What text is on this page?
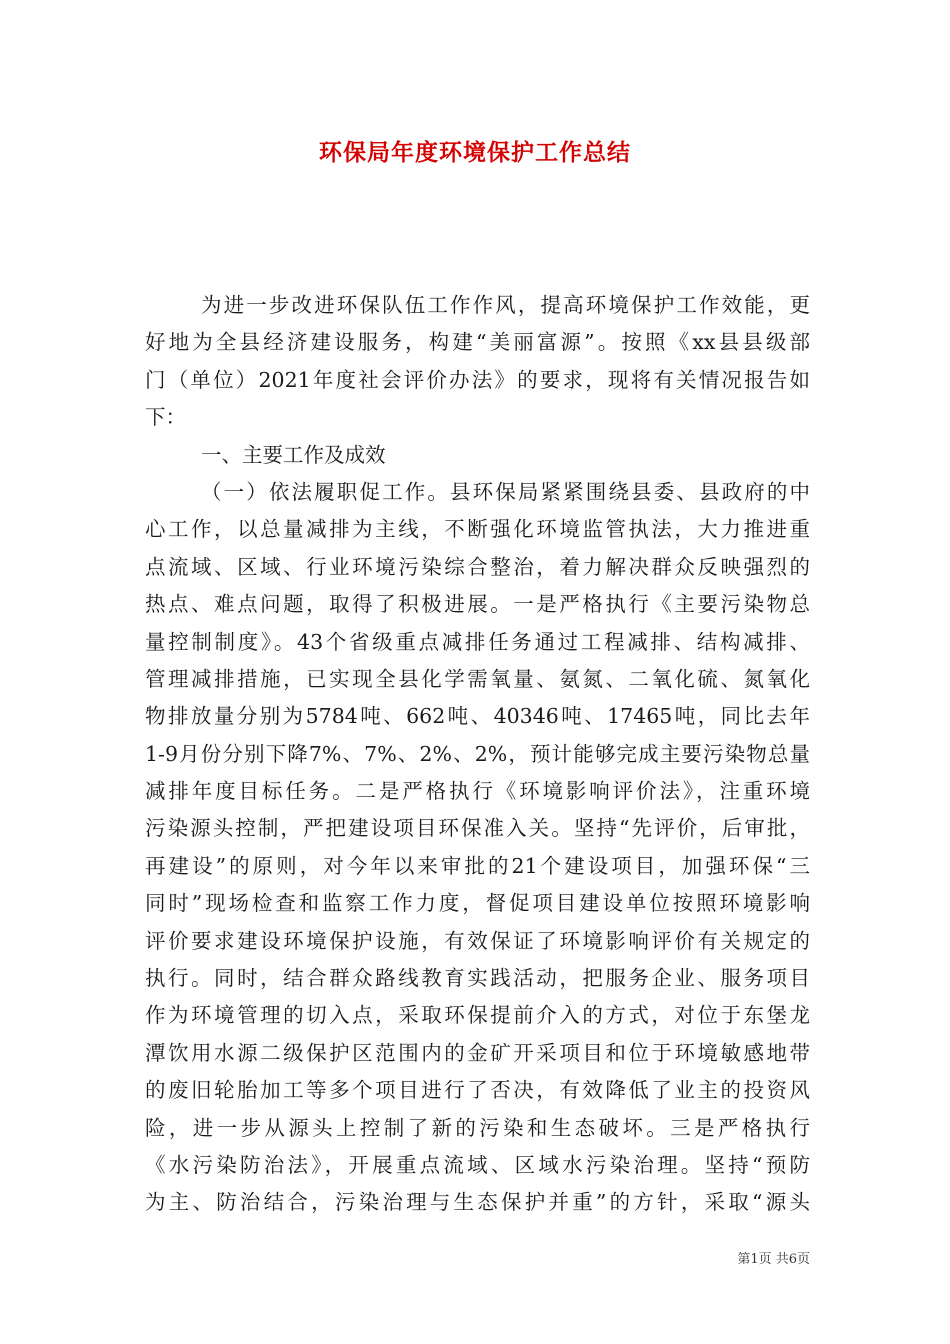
环保局年度环境保护工作总结
为进一步改进环保队伍工作作风，提高环境保护工作效能，更
好地为全县经济建设服务，构建“美丽富源”。按照《xx县县级部
门（单位）2021年度社会评价办法》的要求，现将有关情况报告如
下：
一、主要工作及成效
（一）依法履职促工作。县环保局紧紧围绕县委、县政府的中
心工作，以总量减排为主线，不断强化环境监管执法，大力推进重
点流域、区域、行业环境污染综合整治，着力解决群众反映强烈的
热点、难点问题，取得了积极进展。一是严格执行《主要污染物总
量控制制度》。43个省级重点减排任务通过工程减排、结构减排、
管理减排措施，已实现全县化学需氧量、氨氮、二氧化硫、氮氧化
物排放量分别为5784吨、662吨、40346吨、17465吨，同比去年
1-9月份分别下降7%、7%、2%、2%，预计能够完成主要污染物总量
减排年度目标任务。二是严格执行《环境影响评价法》，注重环境
污染源头控制，严把建设项目环保准入关。坚持“先评价，后审批，
再建设”的原则，对今年以来审批的21个建设项目，加强环保“三
同时”现场检查和监察工作力度，督促项目建设单位按照环境影响
评价要求建设环境保护设施，有效保证了环境影响评价有关规定的
执行。同时，结合群众路线教育实践活动，把服务企业、服务项目
作为环境管理的切入点，采取环保提前介入的方式，对位于东堡龙
潭饮用水源二级保护区范围内的金矿开采项目和位于环境敏感地带
的废旧轮胎加工等多个项目进行了否决，有效降低了业主的投资风
险，进一步从源头上控制了新的污染和生态破坏。三是严格执行
《水污染防治法》，开展重点流域、区域水污染治理。坚持“预防
为主、防治结合，污染治理与生态保护并重”的方针，采取“源头
第1页 共6页
